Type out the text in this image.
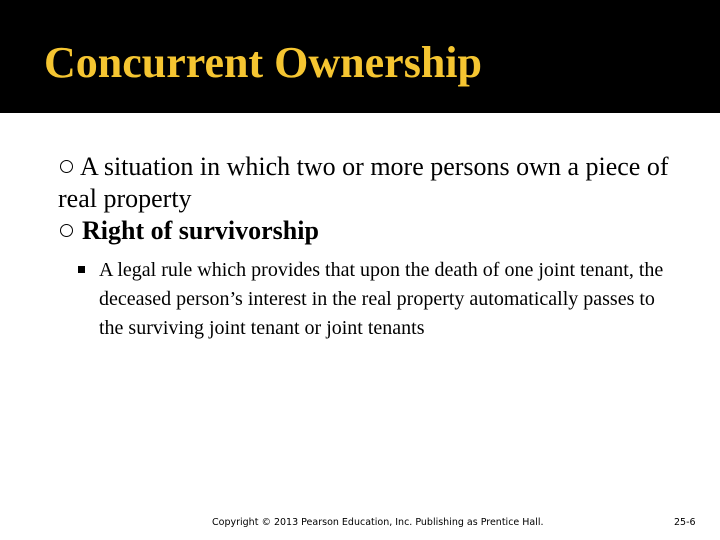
Concurrent Ownership
A situation in which two or more persons own a piece of real property
Right of survivorship
A legal rule which provides that upon the death of one joint tenant, the deceased person’s interest in the real property automatically passes to the surviving joint tenant or joint tenants
Copyright © 2013 Pearson Education, Inc. Publishing as Prentice Hall.	25-6
